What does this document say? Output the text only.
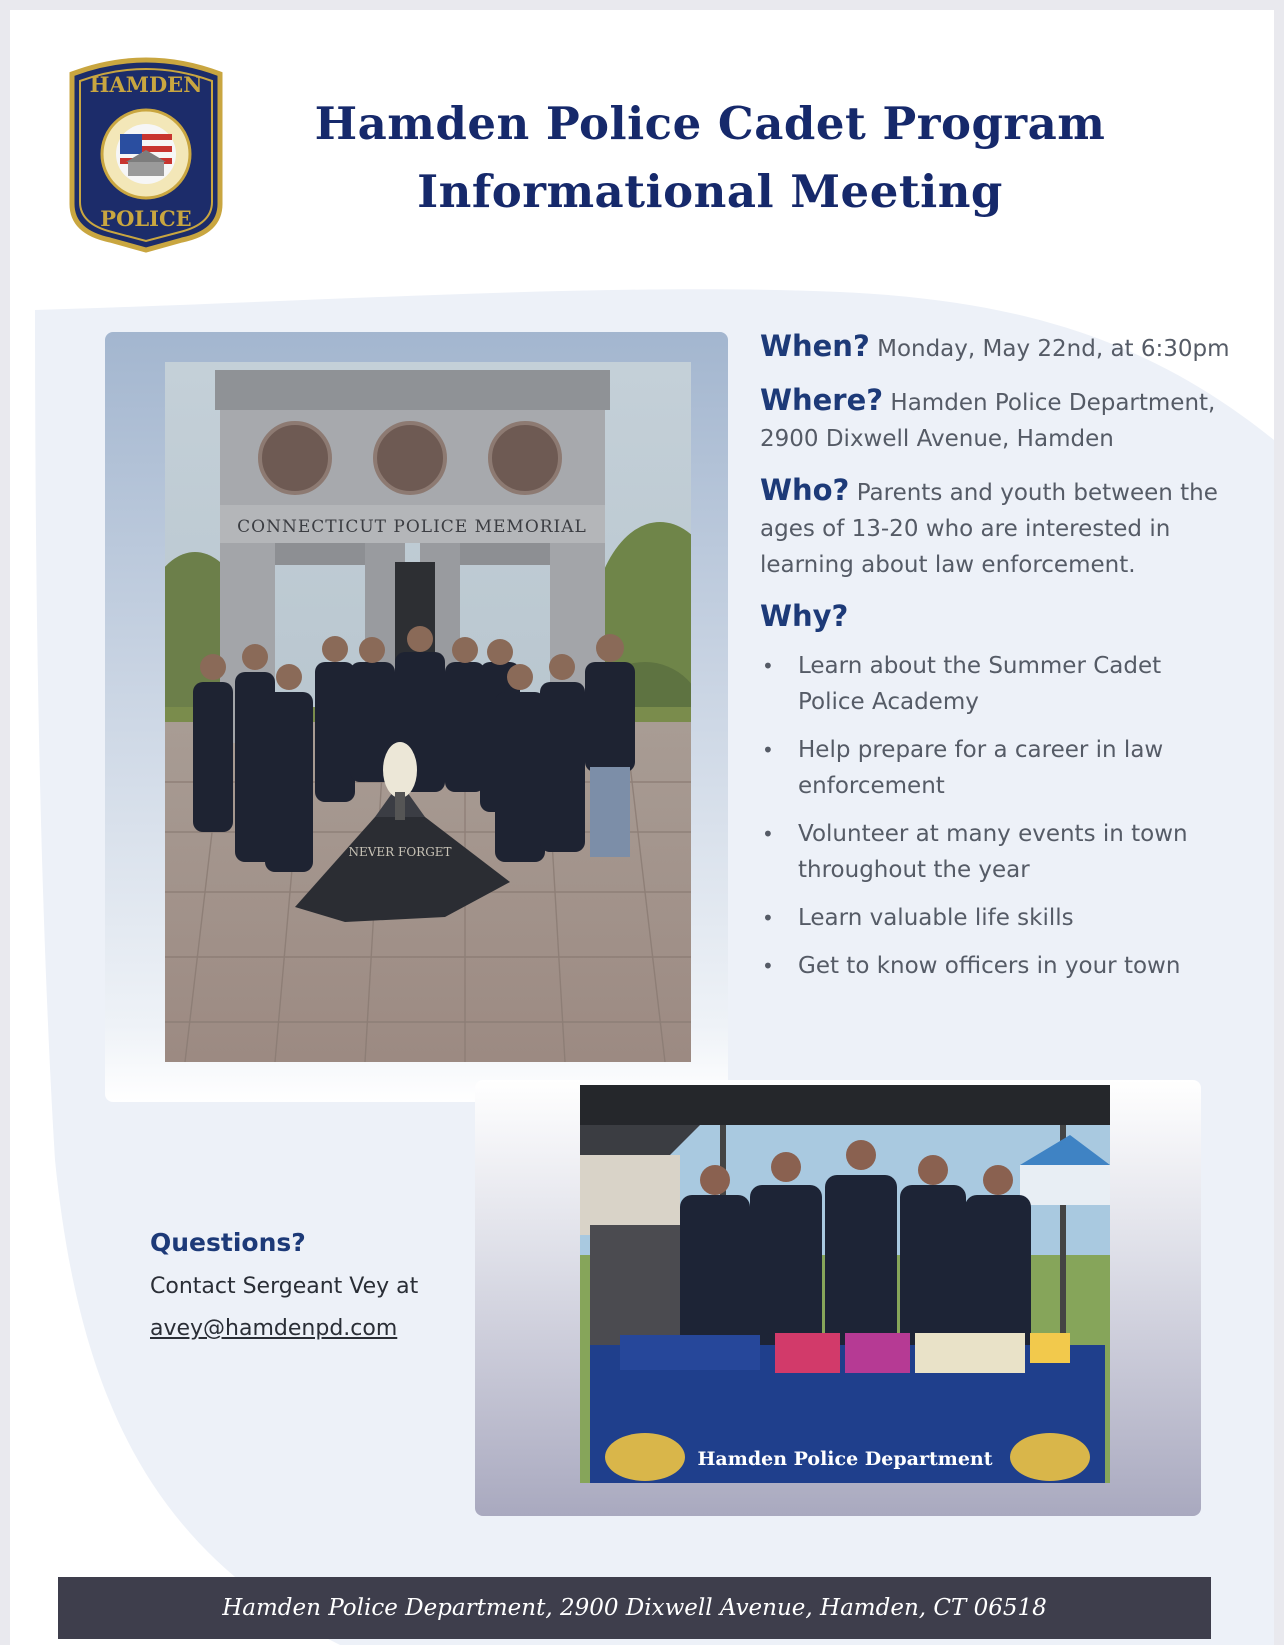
HAMDEN
POLICE
Hamden Police Cadet Program
Informational Meeting
CONNECTICUT POLICE MEMORIAL
NEVER FORGET

When? Monday, May 22nd, at 6:30pm

Where? Hamden Police Department,
2900 Dixwell Avenue, Hamden

Who? Parents and youth between the
ages of 13-20 who are interested in
learning about law enforcement.

Why?
• Learn about the Summer Cadet
Police Academy
• Help prepare for a career in law
enforcement
• Volunteer at many events in town
throughout the year
• Learn valuable life skills
• Get to know officers in your town
Hamden Police Department
Questions?
Contact Sergeant Vey at
avey@hamdenpd.com
Hamden Police Department, 2900 Dixwell Avenue, Hamden, CT 06518
